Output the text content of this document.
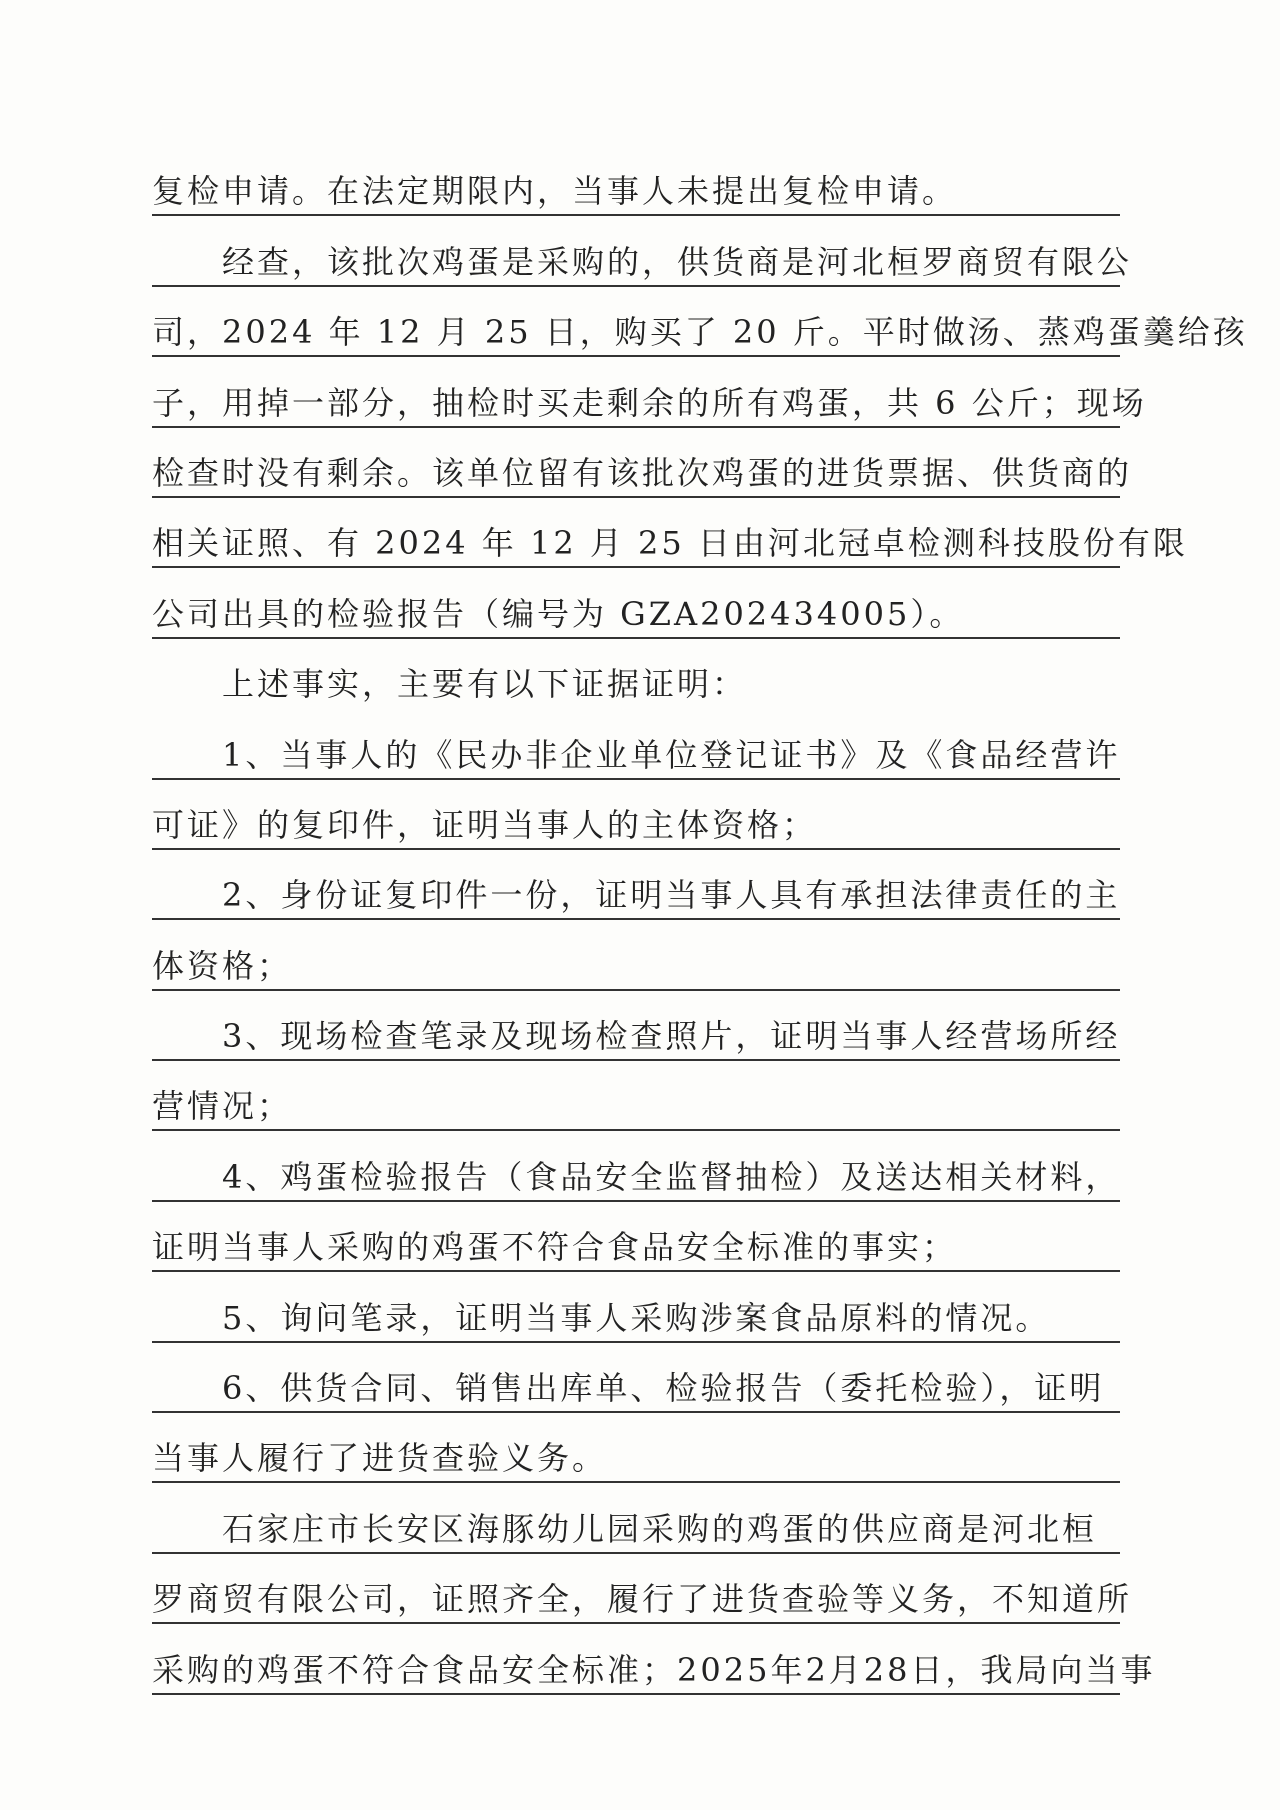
复检申请。在法定期限内，当事人未提出复检申请。
经查，该批次鸡蛋是采购的，供货商是河北桓罗商贸有限公
司，2024 年 12 月 25 日，购买了 20 斤。平时做汤、蒸鸡蛋羹给孩
子，用掉一部分，抽检时买走剩余的所有鸡蛋，共 6 公斤；现场
检查时没有剩余。该单位留有该批次鸡蛋的进货票据、供货商的
相关证照、有 2024 年 12 月 25 日由河北冠卓检测科技股份有限
公司出具的检验报告（编号为 GZA202434005）。
上述事实，主要有以下证据证明：
1、当事人的《民办非企业单位登记证书》及《食品经营许
可证》的复印件，证明当事人的主体资格；
2、身份证复印件一份，证明当事人具有承担法律责任的主
体资格；
3、现场检查笔录及现场检查照片，证明当事人经营场所经
营情况；
4、鸡蛋检验报告（食品安全监督抽检）及送达相关材料，
证明当事人采购的鸡蛋不符合食品安全标准的事实；
5、询问笔录，证明当事人采购涉案食品原料的情况。
6、供货合同、销售出库单、检验报告（委托检验），证明
当事人履行了进货查验义务。
石家庄市长安区海豚幼儿园采购的鸡蛋的供应商是河北桓
罗商贸有限公司，证照齐全，履行了进货查验等义务，不知道所
采购的鸡蛋不符合食品安全标准；2025年2月28日，我局向当事
